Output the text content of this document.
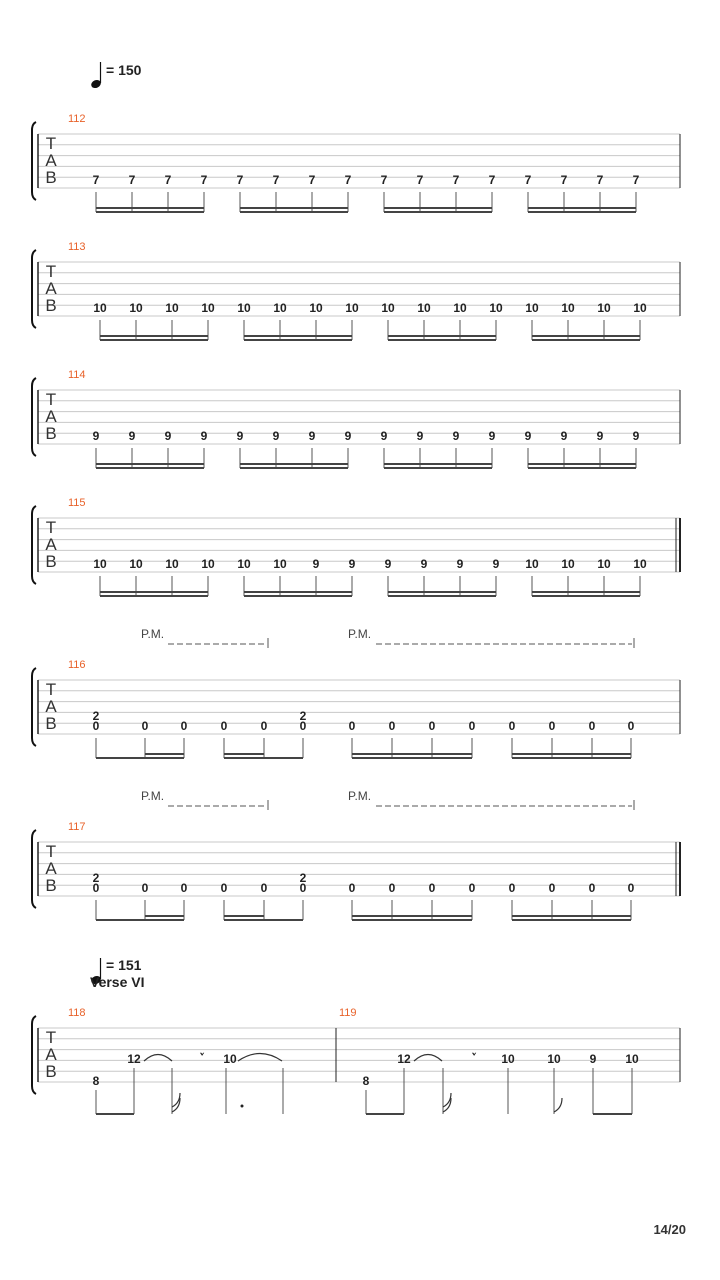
= 150
T
A
B
112
7 7 7 7 7 7 7 7 7 7 7 7 7 7 7 7
T
A
B
113
10 10 10 10 10 10 10 10 10 10 10 10 10 10 10 10
T
A
B
114
9 9 9 9 9 9 9 9 9 9 9 9 9 9 9 9
T
A
B
115
10 10 10 10 10 10 9 9 9 9 9 9 10 10 10 10
P.M.	P.M.
P.M.	P.M.
T
A
B
116
0
2
0	0	0	0	0
2
0	0	0	0	0	0	0	0
T
A
B
117
0
2
0	0	0	0	0
2
0	0	0	0	0	0	0	0
= 151
Verse VI
T
A
B
118	119
8
12	10
8
12	10	10 9 10
14/20
